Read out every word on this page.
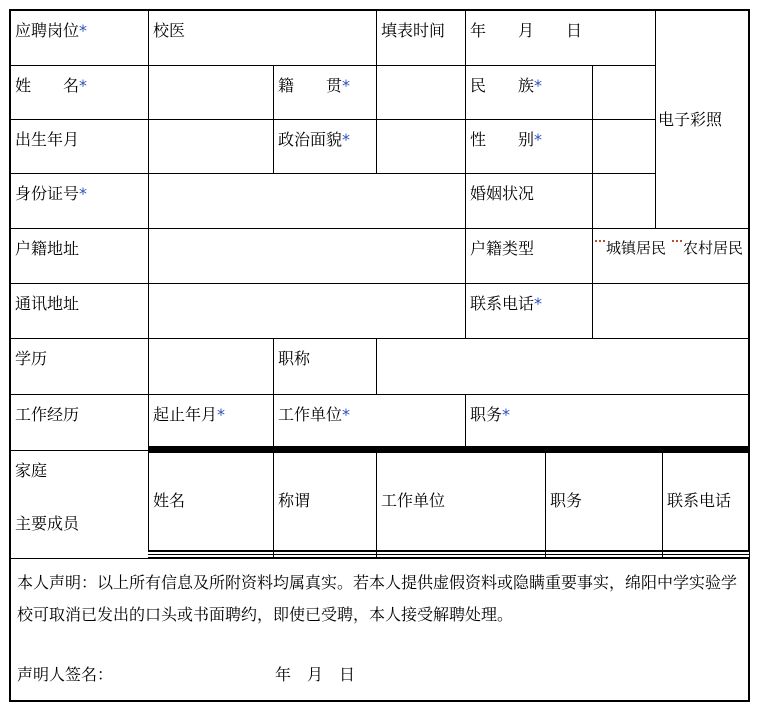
应聘岗位*	校医	填表时间	年　　月　　日
电子彩照
姓　　名*	籍　　贯*	民　　族*
出生年月	政治面貌*	性　　别*
身份证号*	婚姻状况
户籍地址	户籍类型	城镇居民 农村居民
通讯地址	联系电话*
学历	职称
工作经历	起止年月*	工作单位*	职务*
家庭
主要成员
姓名	称谓	工作单位	职务	联系电话
本人声明：以上所有信息及所附资料均属真实。若本人提供虚假资料或隐瞒重要事实，绵阳中学实验学校可取消已发出的口头或书面聘约，即使已受聘，本人接受解聘处理。
声明人签名：	年　月　日
